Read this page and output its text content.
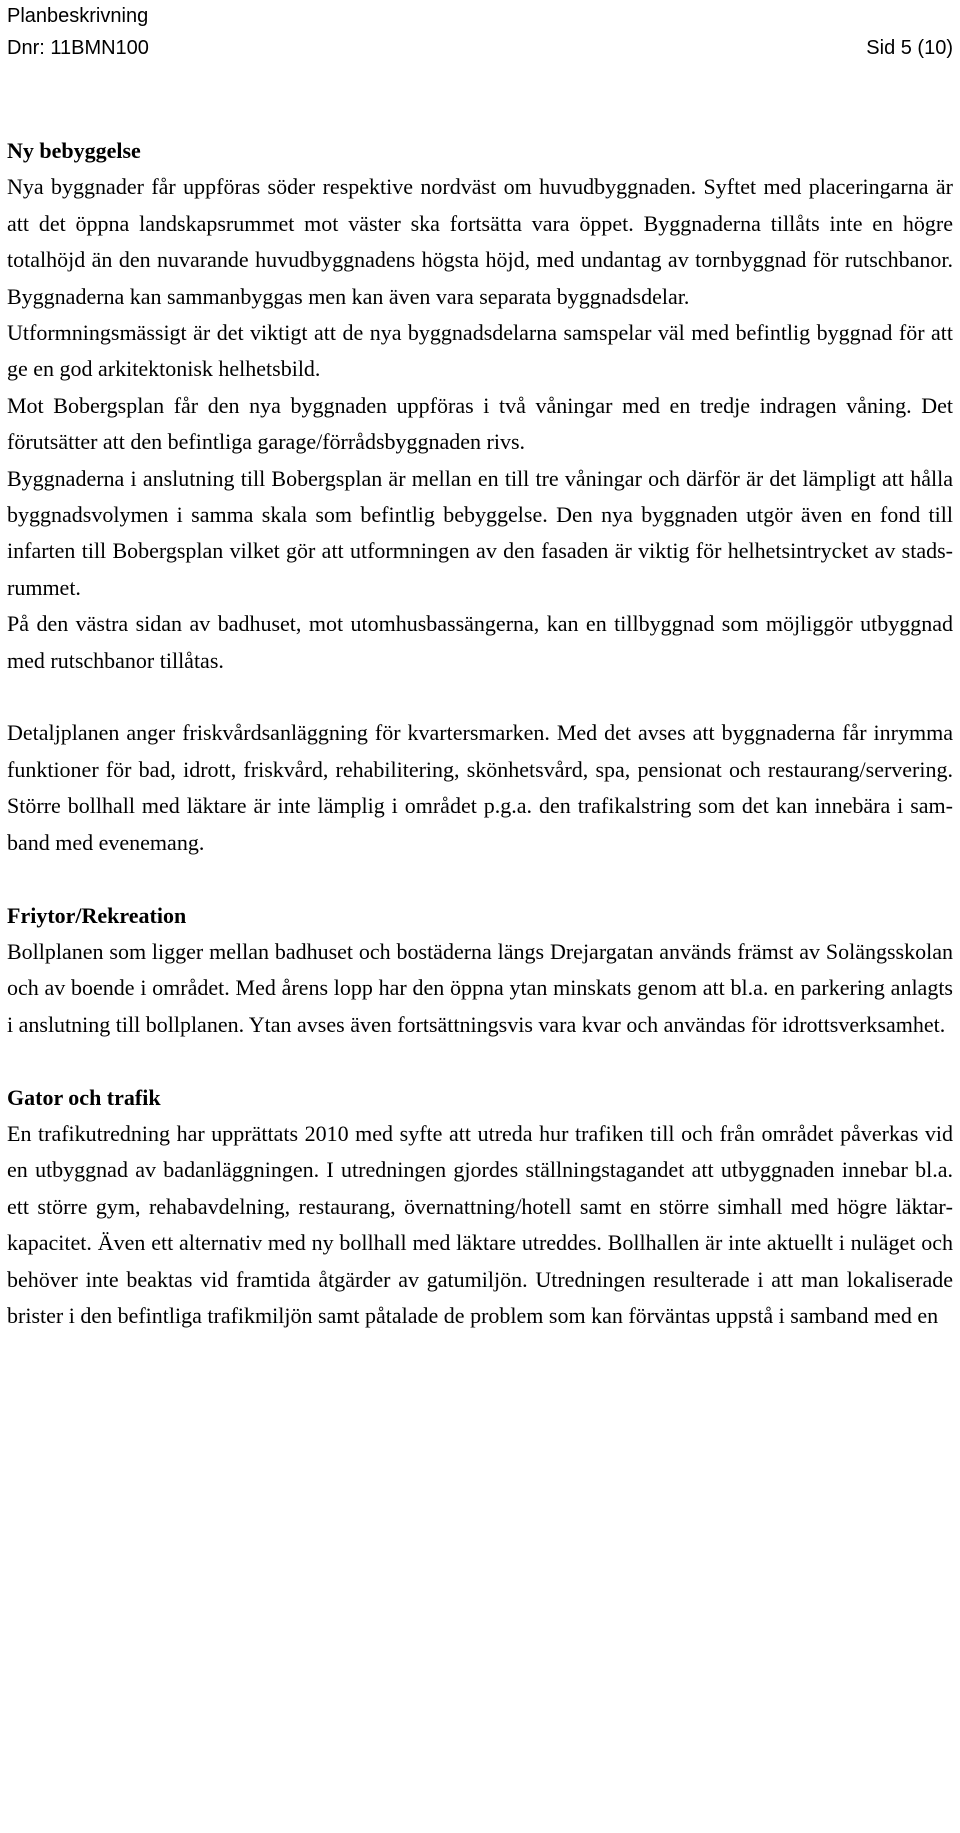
Planbeskrivning
Dnr: 11BMN100	Sid 5 (10)
Ny bebyggelse

Nya byggnader får uppföras söder respektive nordväst om huvudbyggnaden. Syftet med placeringarna är att det öppna landskapsrummet mot väster ska fortsätta vara öppet. Byggnaderna tillåts inte en högre totalhöjd än den nuvarande huvudbyggnadens högsta höjd, med undantag av tornbyggnad för rutschbanor. Byggnaderna kan sammanbyggas men kan även vara separata byggnadsdelar.

Utformningsmässigt är det viktigt att de nya byggnadsdelarna samspelar väl med befintlig byggnad för att ge en god arkitektonisk helhetsbild.

Mot Bobergsplan får den nya byggnaden uppföras i två våningar med en tredje indragen våning. Det förutsätter att den befintliga garage/förrådsbyggnaden rivs.

Byggnaderna i anslutning till Bobergsplan är mellan en till tre våningar och därför är det lämpligt att hålla byggnadsvolymen i samma skala som befintlig bebyggelse. Den nya byggnaden utgör även en fond till infarten till Bobergsplan vilket gör att utformningen av den fasaden är viktig för helhetsintrycket av stadsrummet.

På den västra sidan av badhuset, mot utomhusbassängerna, kan en tillbyggnad som möjliggör utbyggnad med rutschbanor tillåtas.

Detaljplanen anger friskvårdsanläggning för kvartersmarken. Med det avses att byggnaderna får inrymma funktioner för bad, idrott, friskvård, rehabilitering, skönhetsvård, spa, pensionat och restaurang/servering. Större bollhall med läktare är inte lämplig i området p.g.a. den trafikalstring som det kan innebära i samband med evenemang.

Friytor/Rekreation

Bollplanen som ligger mellan badhuset och bostäderna längs Drejargatan används främst av Solängsskolan och av boende i området. Med årens lopp har den öppna ytan minskats genom att bl.a. en parkering anlagts i anslutning till bollplanen. Ytan avses även fortsättningsvis vara kvar och användas för idrottsverksamhet.

Gator och trafik

En trafikutredning har upprättats 2010 med syfte att utreda hur trafiken till och från området påverkas vid en utbyggnad av badanläggningen. I utredningen gjordes ställningstagandet att utbyggnaden innebar bl.a. ett större gym, rehabavdelning, restaurang, övernattning/hotell samt en större simhall med högre läktarkapacitet. Även ett alternativ med ny bollhall med läktare utreddes. Bollhallen är inte aktuellt i nuläget och behöver inte beaktas vid framtida åtgärder av gatumiljön. Utredningen resulterade i att man lokaliserade brister i den befintliga trafikmiljön samt påtalade de problem som kan förväntas uppstå i samband med en
